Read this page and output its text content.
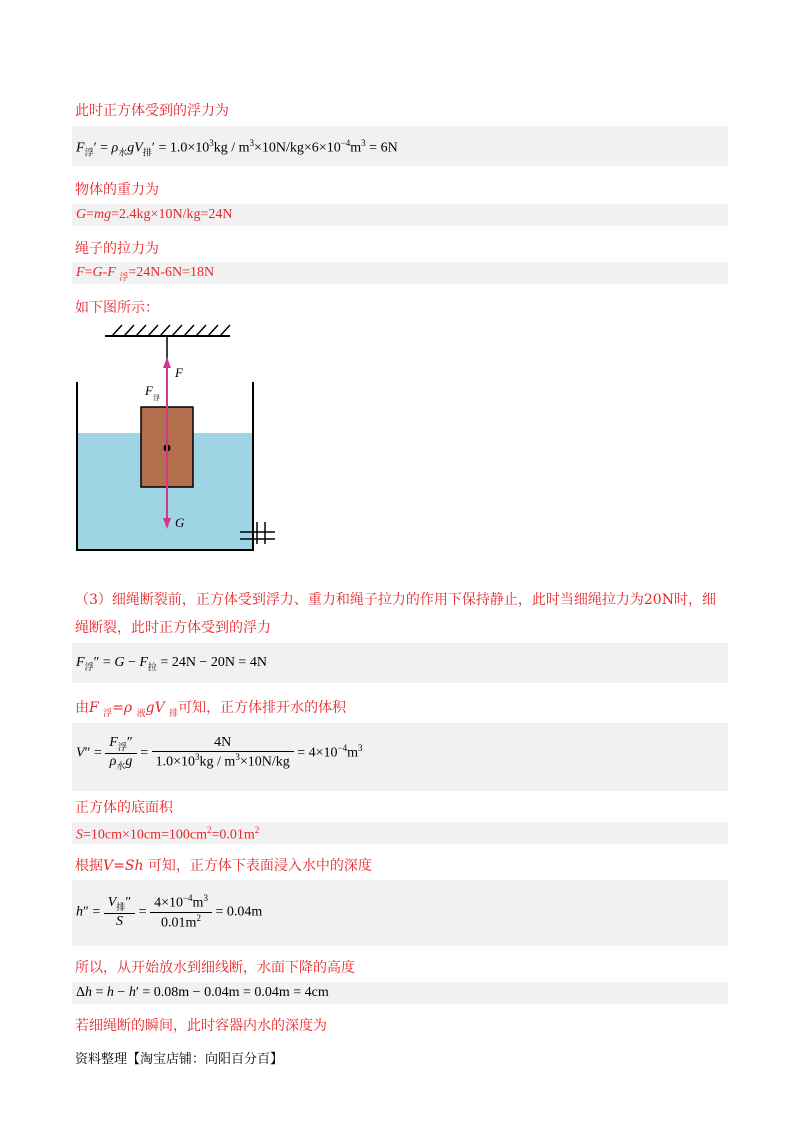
此时正方体受到的浮力为
$F_浮' = \rho_水gV_排' = 1.0\times 10^3kg / m^3\times 10N/kg\times 6\times 10^{-4}m^3 = 6N$
物体的重力为
G=mg=2.4kg×10N/kg=24N
绳子的拉力为
F=G-F $_浮$=24N-6N=18N
如下图所示：
F
F 浮
G
（3）细绳断裂前，正方体受到浮力、重力和绳子拉力的作用下保持静止，此时当细绳拉力为20N时，细
绳断裂，此时正方体受到的浮力
$F_浮'' = G - F_拉 = 24N - 20N = 4N$
由F $_浮$=ρ $_液$gV $_排$可知，正方体排开水的体积
$V'' = \frac{F_浮''}{\rho_水g} = \frac{4N}{1.0\times 10^3kg / m^3\times 10N/kg} = 4\times 10^{-4}m^3$
正方体的底面积
$S=10cm\times 10cm=100cm^2=0.01m^2$
根据V=Sh 可知，正方体下表面浸入水中的深度
$h'' = \frac{V_排''}{S} = \frac{4\times 10^{-4}m^3}{0.01m^2} = 0.04m$
所以，从开始放水到细线断，水面下降的高度
Δh = h − h′ = 0.08m − 0.04m = 0.04m = 4cm
若细绳断的瞬间，此时容器内水的深度为
资料整理【淘宝店铺：向阳百分百】
